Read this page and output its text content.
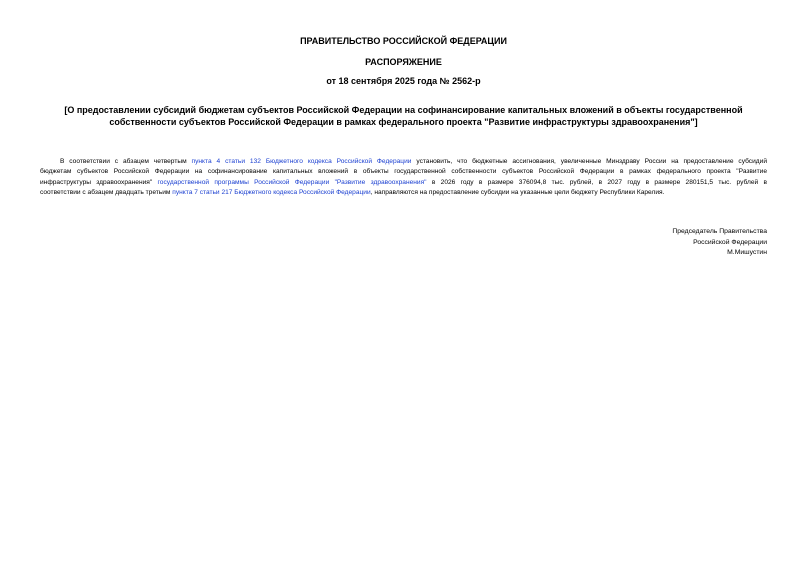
ПРАВИТЕЛЬСТВО РОССИЙСКОЙ ФЕДЕРАЦИИ
РАСПОРЯЖЕНИЕ
от 18 сентября 2025 года № 2562-р
[О предоставлении субсидий бюджетам субъектов Российской Федерации на софинансирование капитальных вложений в объекты государственной
собственности субъектов Российской Федерации в рамках федерального проекта "Развитие инфраструктуры здравоохранения"]
В соответствии с абзацем четвертым пункта 4 статьи 132 Бюджетного кодекса Российской Федерации установить, что бюджетные ассигнования, увеличенные Минздраву России на предоставление субсидий
бюджетам субъектов Российской Федерации на софинансирование капитальных вложений в объекты государственной собственности субъектов Российской Федерации в рамках федерального проекта "Развитие
инфраструктуры здравоохранения" государственной программы Российской Федерации "Развитие здравоохранения" в 2026 году в размере 376094,8 тыс. рублей, в 2027 году в размере 280151,5 тыс. рублей в
соответствии с абзацем двадцать третьим пункта 7 статьи 217 Бюджетного кодекса Российской Федерации, направляются на предоставление субсидии на указанные цели бюджету Республики Карелия.
Председатель Правительства
Российской Федерации
М.Мишустин
